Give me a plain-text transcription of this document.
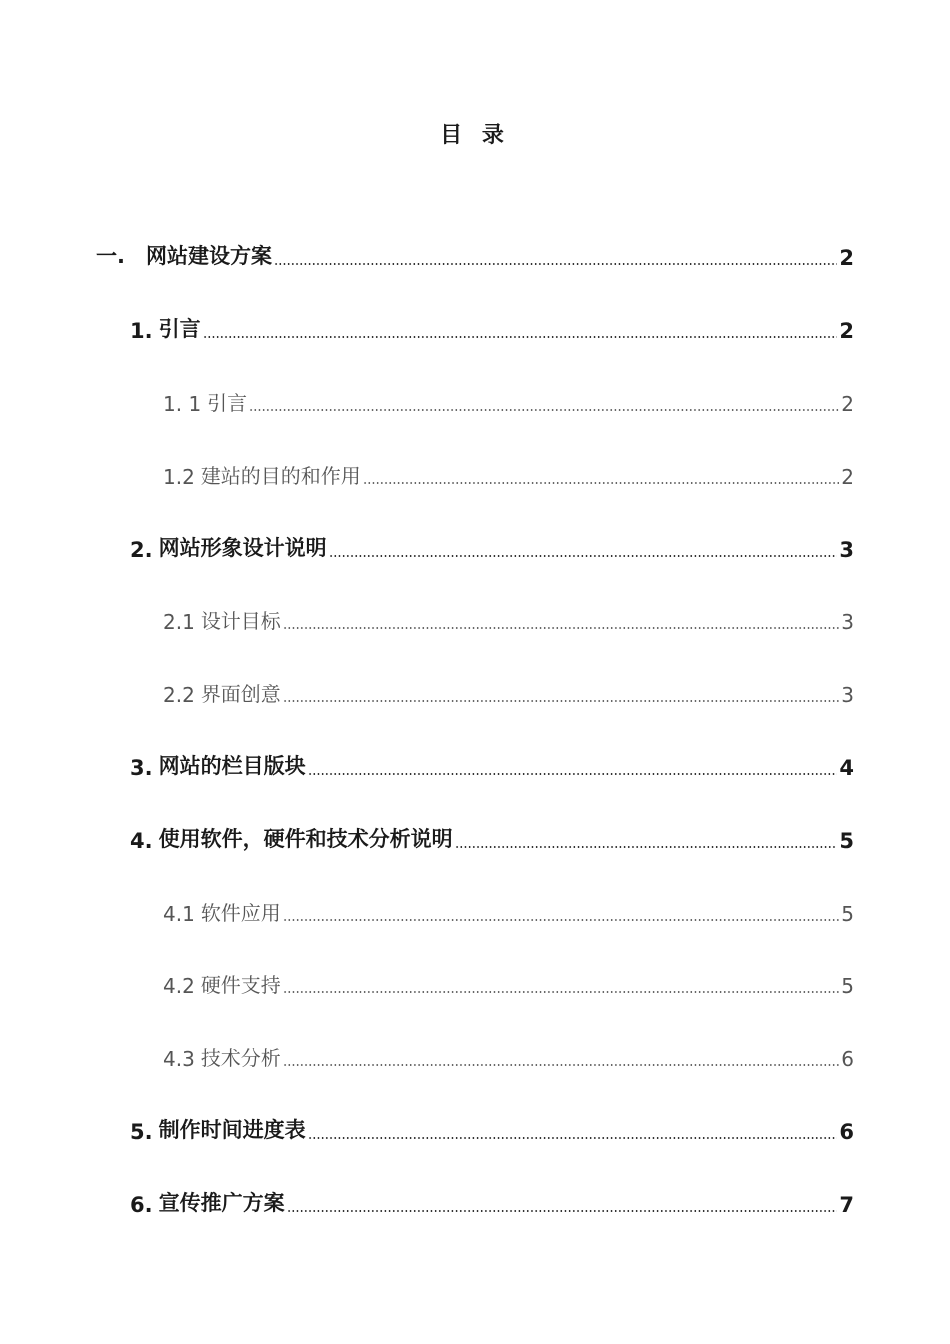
目 录
一.	网站建设方案	2
1. 引言	2
1. 1 引言	2
1.2 建站的目的和作用	2
2. 网站形象设计说明	3
2.1 设计目标	3
2.2 界面创意	3
3. 网站的栏目版块	4
4. 使用软件，硬件和技术分析说明	5
4.1 软件应用	5
4.2 硬件支持	5
4.3 技术分析	6
5. 制作时间进度表	6
6. 宣传推广方案	7
